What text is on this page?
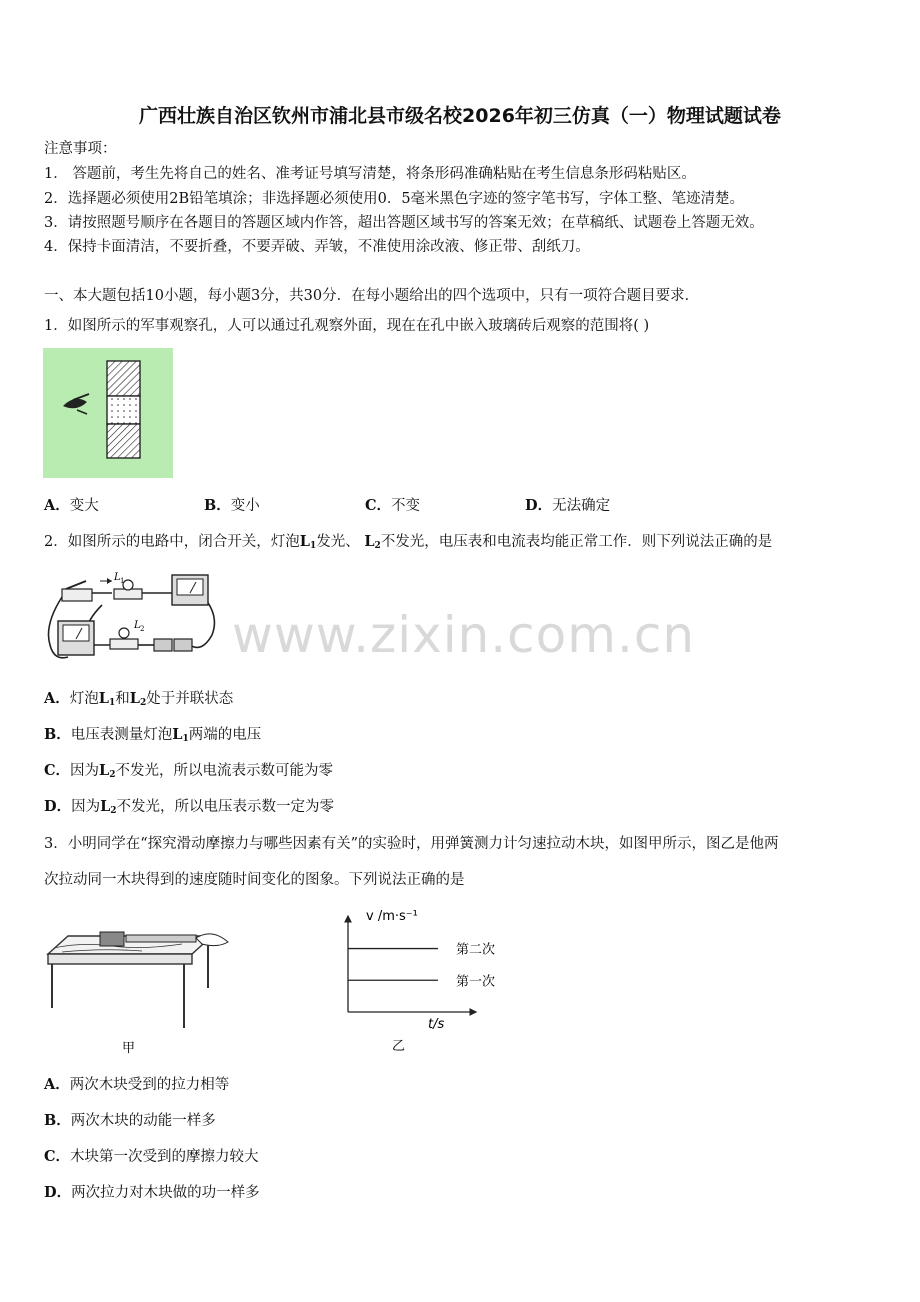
广西壮族自治区钦州市浦北县市级名校2026年初三仿真（一）物理试题试卷
注意事项：
1． 答题前，考生先将自己的姓名、准考证号填写清楚，将条形码准确粘贴在考生信息条形码粘贴区。
2．选择题必须使用2B铅笔填涂；非选择题必须使用0．5毫米黑色字迹的签字笔书写，字体工整、笔迹清楚。
3．请按照题号顺序在各题目的答题区域内作答，超出答题区域书写的答案无效；在草稿纸、试题卷上答题无效。
4．保持卡面清洁，不要折叠，不要弄破、弄皱，不准使用涂改液、修正带、刮纸刀。
一、本大题包括10小题，每小题3分，共30分．在每小题给出的四个选项中，只有一项符合题目要求．
1．如图所示的军事观察孔，人可以通过孔观察外面，现在在孔中嵌入玻璃砖后观察的范围将( )
A．变大	B．变小	C．不变	D．无法确定
2．如图所示的电路中，闭合开关，灯泡$L_1$发光、 $L_2$不发光，电压表和电流表均能正常工作．则下列说法正确的是
L 1
L 2 www.zixin.com.cn
A．灯泡$L_1$和$L_2$处于并联状态
B．电压表测量灯泡$L_1$两端的电压
C．因为$L_2$不发光，所以电流表示数可能为零
D．因为$L_2$不发光，所以电压表示数一定为零
3．小明同学在“探究滑动摩擦力与哪些因素有关”的实验时，用弹簧测力计匀速拉动木块，如图甲所示，图乙是他两
次拉动同一木块得到的速度随时间变化的图象。下列说法正确的是
甲
v /m·s⁻¹
t/s
第二次
第一次
乙
A．两次木块受到的拉力相等
B．两次木块的动能一样多
C．木块第一次受到的摩擦力较大
D．两次拉力对木块做的功一样多
